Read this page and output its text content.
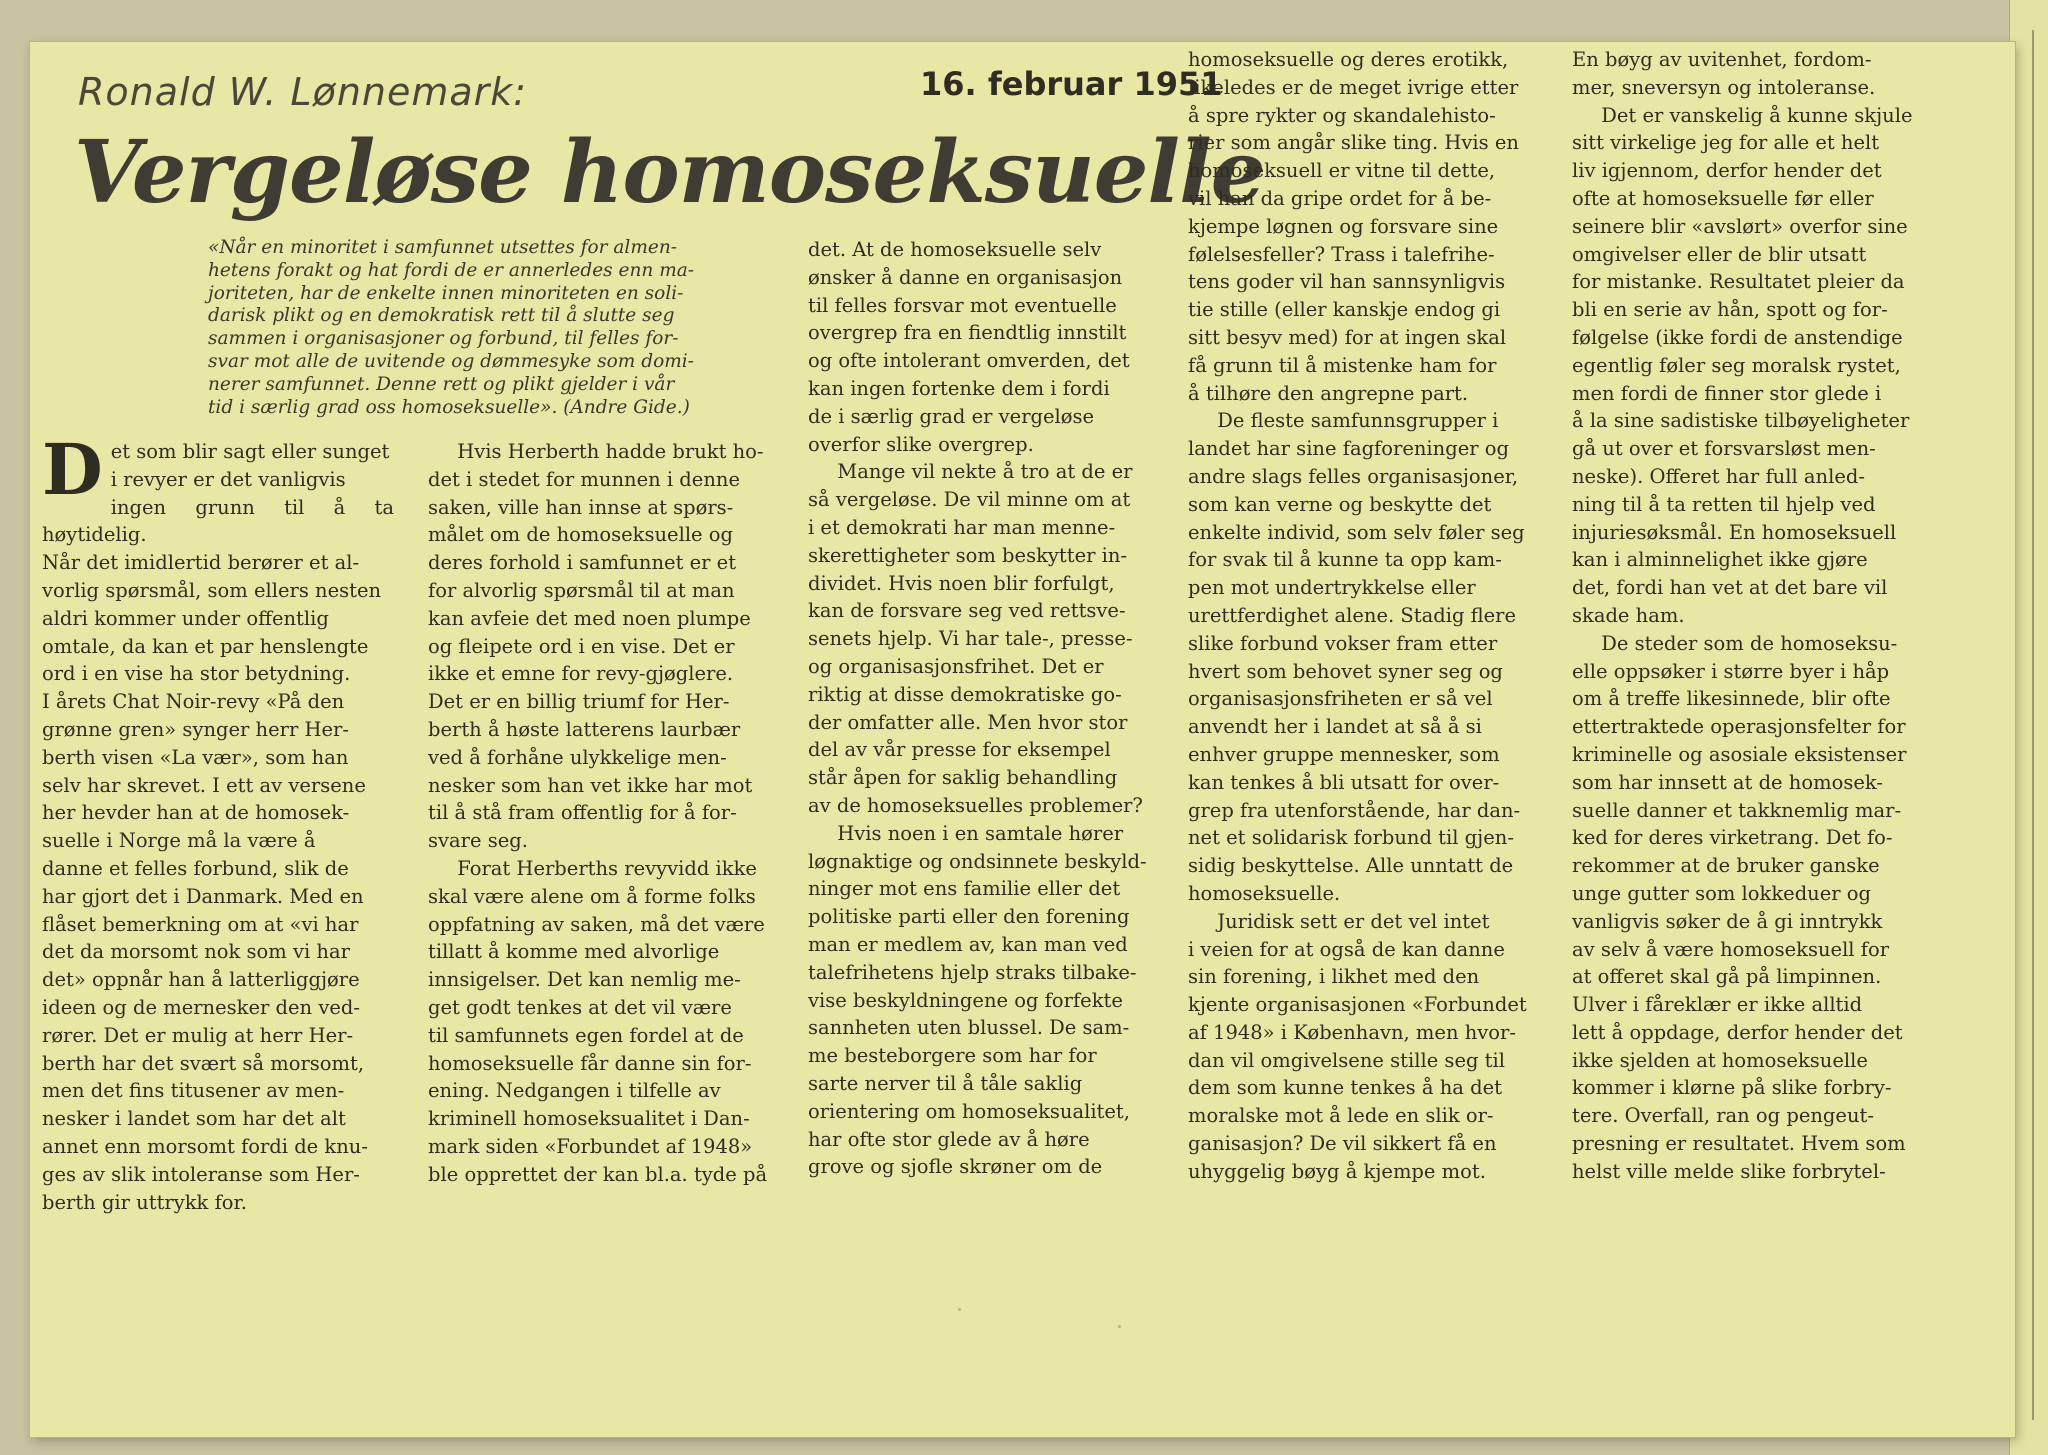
Ronald W. Lønnemark:	16. februar 1951
Vergeløse homoseksuelle
«Når en minoritet i samfunnet utsettes for almen-
hetens forakt og hat fordi de er annerledes enn ma-
joriteten, har de enkelte innen minoriteten en soli-
darisk plikt og en demokratisk rett til å slutte seg
sammen i organisasjoner og forbund, til felles for-
svar mot alle de uvitende og dømmesyke som domi-
nerer samfunnet. Denne rett og plikt gjelder i vår
tid i særlig grad oss homoseksuelle». (Andre Gide.)

Det som blir sagt eller sunget
i revyer er det vanligvis
ingen grunn til å ta høytidelig.
Når det imidlertid berører et al-
vorlig spørsmål, som ellers nesten
aldri kommer under offentlig
omtale, da kan et par henslengte
ord i en vise ha stor betydning.
I årets Chat Noir-revy «På den
grønne gren» synger herr Her-
berth visen «La vær», som han
selv har skrevet. I ett av versene
her hevder han at de homosek-
suelle i Norge må la være å
danne et felles forbund, slik de
har gjort det i Danmark. Med en
flåset bemerkning om at «vi har
det da morsomt nok som vi har
det» oppnår han å latterliggjøre
ideen og de mernesker den ved-
rører. Det er mulig at herr Her-
berth har det svært så morsomt,
men det fins titusener av men-
nesker i landet som har det alt
annet enn morsomt fordi de knu-
ges av slik intoleranse som Her-
berth gir uttrykk for.

Hvis Herberth hadde brukt ho-
det i stedet for munnen i denne
saken, ville han innse at spørs-
målet om de homoseksuelle og
deres forhold i samfunnet er et
for alvorlig spørsmål til at man
kan avfeie det med noen plumpe
og fleipete ord i en vise. Det er
ikke et emne for revy-gjøglere.
Det er en billig triumf for Her-
berth å høste latterens laurbær
ved å forhåne ulykkelige men-
nesker som han vet ikke har mot
til å stå fram offentlig for å for-
svare seg.

Forat Herberths revyvidd ikke
skal være alene om å forme folks
oppfatning av saken, må det være
tillatt å komme med alvorlige
innsigelser. Det kan nemlig me-
get godt tenkes at det vil være
til samfunnets egen fordel at de
homoseksuelle får danne sin for-
ening. Nedgangen i tilfelle av
kriminell homoseksualitet i Dan-
mark siden «Forbundet af 1948»
ble opprettet der kan bl.a. tyde på

det. At de homoseksuelle selv
ønsker å danne en organisasjon
til felles forsvar mot eventuelle
overgrep fra en fiendtlig innstilt
og ofte intolerant omverden, det
kan ingen fortenke dem i fordi
de i særlig grad er vergeløse
overfor slike overgrep.

Mange vil nekte å tro at de er
så vergeløse. De vil minne om at
i et demokrati har man menne-
skerettigheter som beskytter in-
dividet. Hvis noen blir forfulgt,
kan de forsvare seg ved rettsve-
senets hjelp. Vi har tale-, presse-
og organisasjonsfrihet. Det er
riktig at disse demokratiske go-
der omfatter alle. Men hvor stor
del av vår presse for eksempel
står åpen for saklig behandling
av de homoseksuelles problemer?

Hvis noen i en samtale hører
løgnaktige og ondsinnete beskyld-
ninger mot ens familie eller det
politiske parti eller den forening
man er medlem av, kan man ved
talefrihetens hjelp straks tilbake-
vise beskyldningene og forfekte
sannheten uten blussel. De sam-
me besteborgere som har for
sarte nerver til å tåle saklig
orientering om homoseksualitet,
har ofte stor glede av å høre
grove og sjofle skrøner om de

homoseksuelle og deres erotikk,
likeledes er de meget ivrige etter
å spre rykter og skandalehisto-
rier som angår slike ting. Hvis en
homoseksuell er vitne til dette,
vil han da gripe ordet for å be-
kjempe løgnen og forsvare sine
følelsesfeller? Trass i talefrihe-
tens goder vil han sannsynligvis
tie stille (eller kanskje endog gi
sitt besyv med) for at ingen skal
få grunn til å mistenke ham for
å tilhøre den angrepne part.

De fleste samfunnsgrupper i
landet har sine fagforeninger og
andre slags felles organisasjoner,
som kan verne og beskytte det
enkelte individ, som selv føler seg
for svak til å kunne ta opp kam-
pen mot undertrykkelse eller
urettferdighet alene. Stadig flere
slike forbund vokser fram etter
hvert som behovet syner seg og
organisasjonsfriheten er så vel
anvendt her i landet at så å si
enhver gruppe mennesker, som
kan tenkes å bli utsatt for over-
grep fra utenforstående, har dan-
net et solidarisk forbund til gjen-
sidig beskyttelse. Alle unntatt de
homoseksuelle.

Juridisk sett er det vel intet
i veien for at også de kan danne
sin forening, i likhet med den
kjente organisasjonen «Forbundet
af 1948» i København, men hvor-
dan vil omgivelsene stille seg til
dem som kunne tenkes å ha det
moralske mot å lede en slik or-
ganisasjon? De vil sikkert få en
uhyggelig bøyg å kjempe mot.

En bøyg av uvitenhet, fordom-
mer, sneversyn og intoleranse.

Det er vanskelig å kunne skjule
sitt virkelige jeg for alle et helt
liv igjennom, derfor hender det
ofte at homoseksuelle før eller
seinere blir «avslørt» overfor sine
omgivelser eller de blir utsatt
for mistanke. Resultatet pleier da
bli en serie av hån, spott og for-
følgelse (ikke fordi de anstendige
egentlig føler seg moralsk rystet,
men fordi de finner stor glede i
å la sine sadistiske tilbøyeligheter
gå ut over et forsvarsløst men-
neske). Offeret har full anled-
ning til å ta retten til hjelp ved
injuriesøksmål. En homoseksuell
kan i alminnelighet ikke gjøre
det, fordi han vet at det bare vil
skade ham.

De steder som de homoseksu-
elle oppsøker i større byer i håp
om å treffe likesinnede, blir ofte
ettertraktede operasjonsfelter for
kriminelle og asosiale eksistenser
som har innsett at de homosek-
suelle danner et takknemlig mar-
ked for deres virketrang. Det fo-
rekommer at de bruker ganske
unge gutter som lokkeduer og
vanligvis søker de å gi inntrykk
av selv å være homoseksuell for
at offeret skal gå på limpinnen.
Ulver i fåreklær er ikke alltid
lett å oppdage, derfor hender det
ikke sjelden at homoseksuelle
kommer i klørne på slike forbry-
tere. Overfall, ran og pengeut-
presning er resultatet. Hvem som
helst ville melde slike forbrytel-
